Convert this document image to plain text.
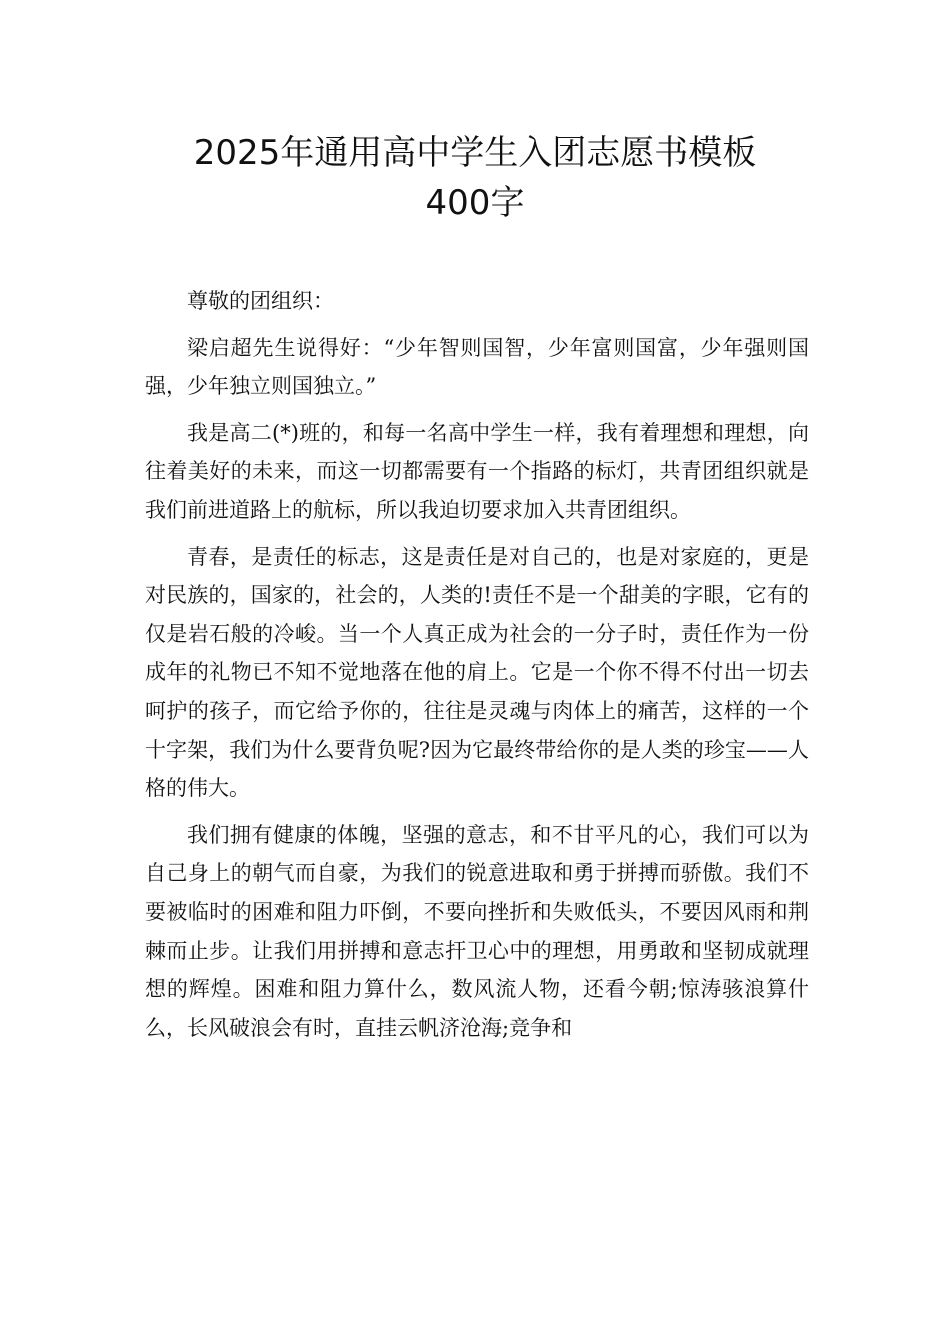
2025年通用高中学生入团志愿书模板
400字

尊敬的团组织：

梁启超先生说得好：“少年智则国智，少年富则国富，少年强则国强，少年独立则国独立。”

我是高二(*)班的，和每一名高中学生一样，我有着理想和理想，向往着美好的未来，而这一切都需要有一个指路的标灯，共青团组织就是我们前进道路上的航标，所以我迫切要求加入共青团组织。

青春，是责任的标志，这是责任是对自己的，也是对家庭的，更是对民族的，国家的，社会的，人类的!责任不是一个甜美的字眼，它有的仅是岩石般的冷峻。当一个人真正成为社会的一分子时，责任作为一份成年的礼物已不知不觉地落在他的肩上。它是一个你不得不付出一切去呵护的孩子，而它给予你的，往往是灵魂与肉体上的痛苦，这样的一个十字架，我们为什么要背负呢?因为它最终带给你的是人类的珍宝——人格的伟大。

我们拥有健康的体魄，坚强的意志，和不甘平凡的心，我们可以为自己身上的朝气而自豪，为我们的锐意进取和勇于拼搏而骄傲。我们不要被临时的困难和阻力吓倒，不要向挫折和失败低头，不要因风雨和荆棘而止步。让我们用拼搏和意志扞卫心中的理想，用勇敢和坚韧成就理想的辉煌。困难和阻力算什么，数风流人物，还看今朝;惊涛骇浪算什么，长风破浪会有时，直挂云帆济沧海;竞争和
